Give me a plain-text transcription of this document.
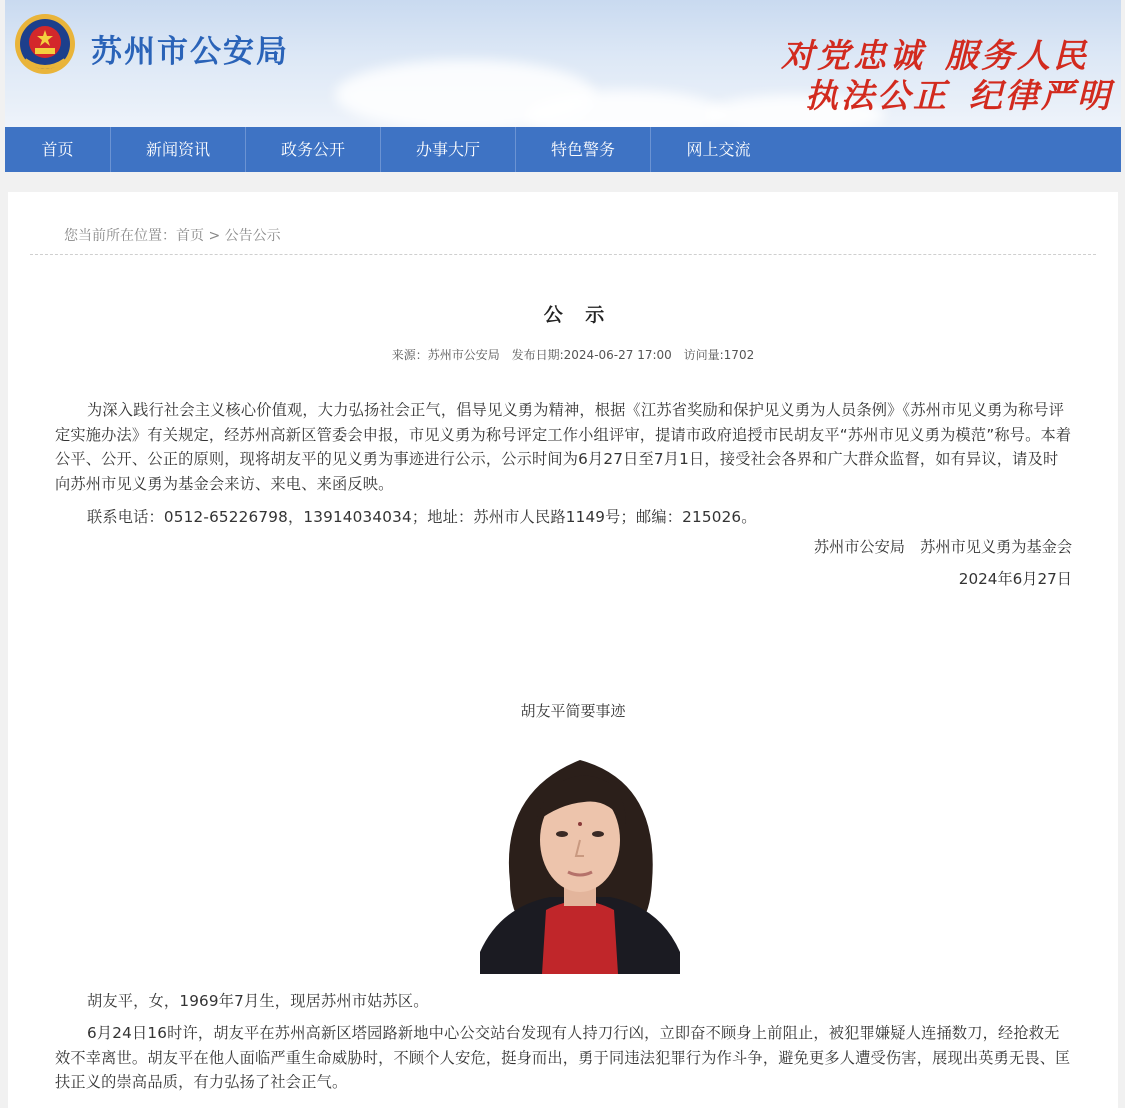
苏州市公安局	对党忠诚 服务人民
执法公正 纪律严明
首页	新闻资讯	政务公开	办事大厅	特色警务	网上交流
您当前所在位置：首页 > 公告公示
公 示
来源：苏州市公安局 发布日期:2024-06-27 17:00 访问量:1702

为深入践行社会主义核心价值观，大力弘扬社会正气，倡导见义勇为精神，根据《江苏省奖励和保护见义勇为人员条例》《苏州市见义勇为称号评定实施办法》有关规定，经苏州高新区管委会申报，市见义勇为称号评定工作小组评审，提请市政府追授市民胡友平“苏州市见义勇为模范”称号。本着公平、公开、公正的原则，现将胡友平的见义勇为事迹进行公示，公示时间为6月27日至7月1日，接受社会各界和广大群众监督，如有异议，请及时向苏州市见义勇为基金会来访、来电、来函反映。

联系电话：0512-65226798，13914034034；地址：苏州市人民路1149号；邮编：215026。

苏州市公安局　苏州市见义勇为基金会
2024年6月27日
胡友平简要事迹

胡友平，女，1969年7月生，现居苏州市姑苏区。

6月24日16时许，胡友平在苏州高新区塔园路新地中心公交站台发现有人持刀行凶，立即奋不顾身上前阻止，被犯罪嫌疑人连捅数刀，经抢救无效不幸离世。胡友平在他人面临严重生命威胁时，不顾个人安危，挺身而出，勇于同违法犯罪行为作斗争，避免更多人遭受伤害，展现出英勇无畏、匡扶正义的崇高品质，有力弘扬了社会正气。
